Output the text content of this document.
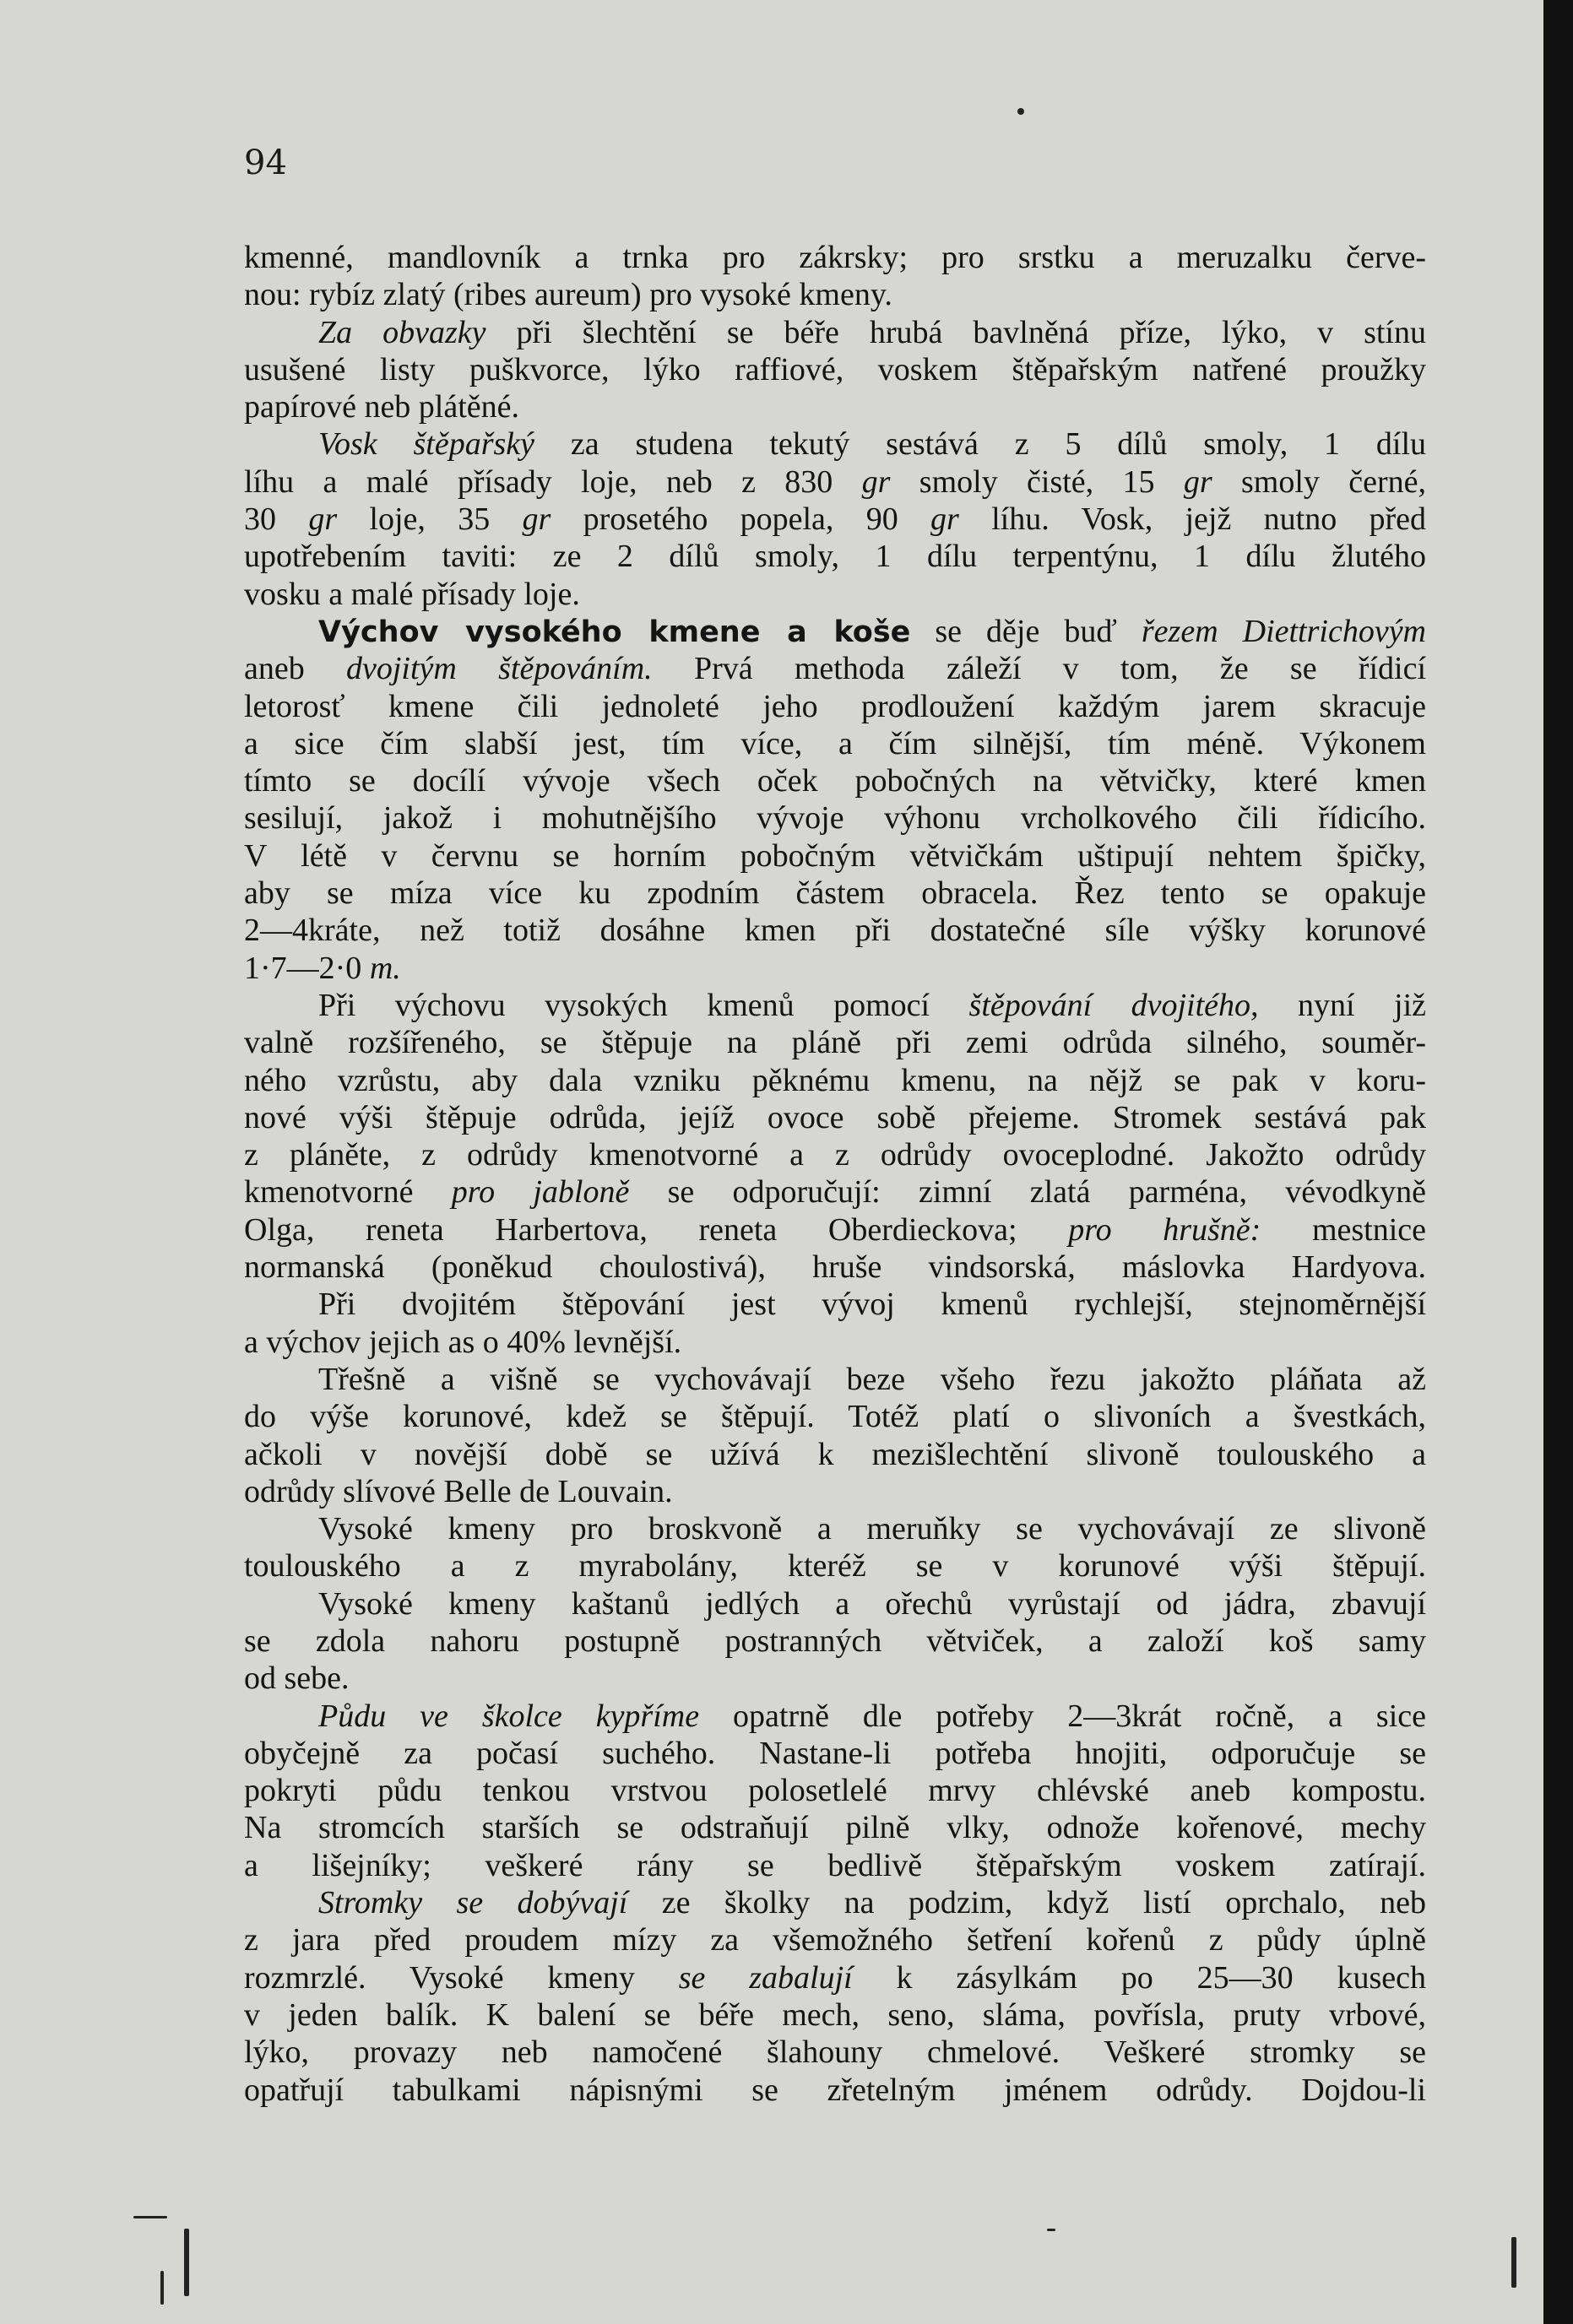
94
kmenné, mandlovník a trnka pro zákrsky; pro srstku a meruzalku červe-
nou: rybíz zlatý (ribes aureum) pro vysoké kmeny.
Za obvazky při šlechtění se béře hrubá bavlněná příze, lýko, v stínu
usušené listy puškvorce, lýko raffiové, voskem štěpařským natřené proužky
papírové neb plátěné.
Vosk štěpařský za studena tekutý sestává z 5 dílů smoly, 1 dílu
líhu a malé přísady loje, neb z 830 gr smoly čisté, 15 gr smoly černé,
30 gr loje, 35 gr prosetého popela, 90 gr líhu. Vosk, jejž nutno před
upotřebením taviti: ze 2 dílů smoly, 1 dílu terpentýnu, 1 dílu žlutého
vosku a malé přísady loje.
Výchov vysokého kmene a koše se děje buď řezem Diettrichovým
aneb dvojitým štěpováním. Prvá methoda záleží v tom, že se řídicí
letorosť kmene čili jednoleté jeho prodloužení každým jarem skracuje
a sice čím slabší jest, tím více, a čím silnější, tím méně. Výkonem
tímto se docílí vývoje všech oček pobočných na větvičky, které kmen
sesilují, jakož i mohutnějšího vývoje výhonu vrcholkového čili řídicího.
V létě v červnu se horním pobočným větvičkám uštipují nehtem špičky,
aby se míza více ku zpodním částem obracela. Řez tento se opakuje
2—4kráte, než totiž dosáhne kmen při dostatečné síle výšky korunové
1·7—2·0 m.
Při výchovu vysokých kmenů pomocí štěpování dvojitého, nyní již
valně rozšířeného, se štěpuje na pláně při zemi odrůda silného, souměr-
ného vzrůstu, aby dala vzniku pěknému kmenu, na nějž se pak v koru-
nové výši štěpuje odrůda, jejíž ovoce sobě přejeme. Stromek sestává pak
z pláněte, z odrůdy kmenotvorné a z odrůdy ovoceplodné. Jakožto odrůdy
kmenotvorné pro jabloně se odporučují: zimní zlatá parména, vévodkyně
Olga, reneta Harbertova, reneta Oberdieckova; pro hrušně: mestnice
normanská (poněkud choulostivá), hruše vindsorská, máslovka Hardyova.
Při dvojitém štěpování jest vývoj kmenů rychlejší, stejnoměrnější
a výchov jejich as o 40% levnější.
Třešně a višně se vychovávají beze všeho řezu jakožto pláňata až
do výše korunové, kdež se štěpují. Totéž platí o slivoních a švestkách,
ačkoli v novější době se užívá k mezišlechtění slivoně toulouského a
odrůdy slívové Belle de Louvain.
Vysoké kmeny pro broskvoně a meruňky se vychovávají ze slivoně
toulouského a z myrabolány, kteréž se v korunové výši štěpují.
Vysoké kmeny kaštanů jedlých a ořechů vyrůstají od jádra, zbavují
se zdola nahoru postupně postranných větviček, a založí koš samy
od sebe.
Půdu ve školce kypříme opatrně dle potřeby 2—3krát ročně, a sice
obyčejně za počasí suchého. Nastane-li potřeba hnojiti, odporučuje se
pokryti půdu tenkou vrstvou polosetlelé mrvy chlévské aneb kompostu.
Na stromcích starších se odstraňují pilně vlky, odnože kořenové, mechy
a lišejníky; veškeré rány se bedlivě štěpařským voskem zatírají.
Stromky se dobývají ze školky na podzim, když listí oprchalo, neb
z jara před proudem mízy za všemožného šetření kořenů z půdy úplně
rozmrzlé. Vysoké kmeny se zabalují k zásylkám po 25—30 kusech
v jeden balík. K balení se béře mech, seno, sláma, povřísla, pruty vrbové,
lýko, provazy neb namočené šlahouny chmelové. Veškeré stromky se
opatřují tabulkami nápisnými se zřetelným jménem odrůdy. Dojdou-li
